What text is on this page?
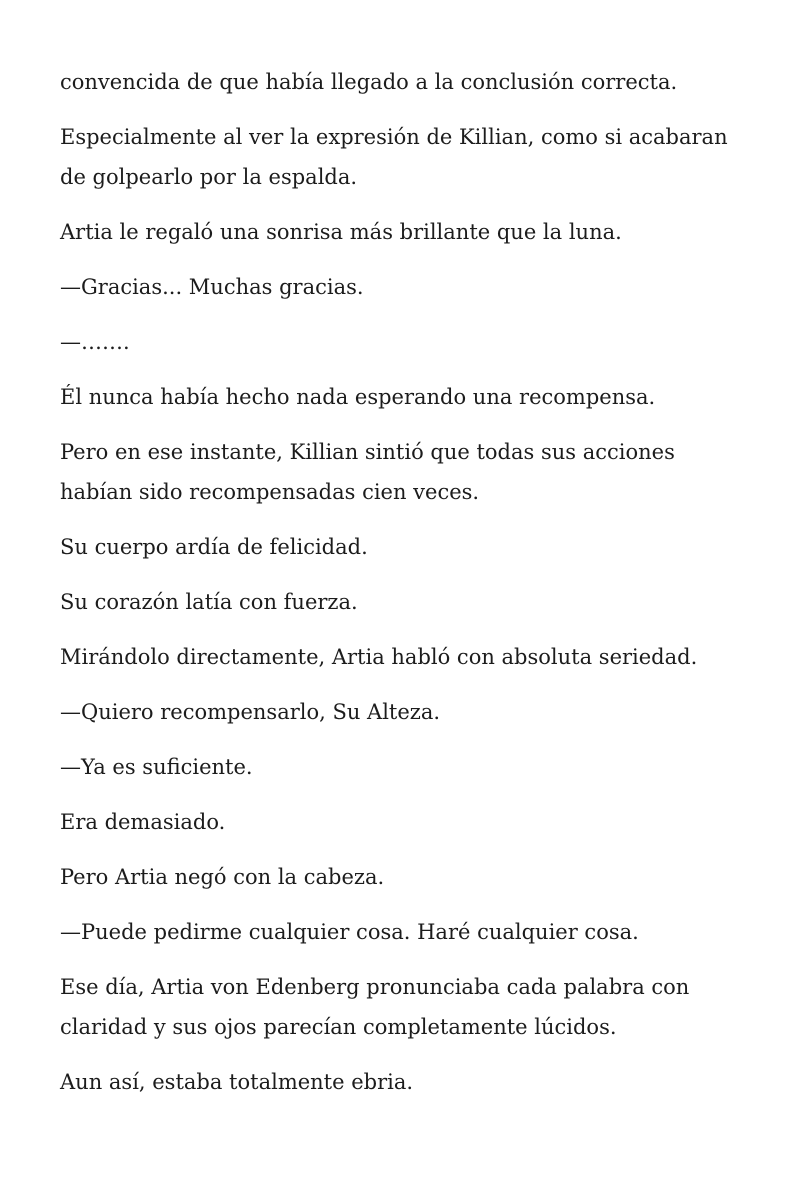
convencida de que había llegado a la conclusión correcta.

Especialmente al ver la expresión de Killian, como si acabaran de golpearlo por la espalda.

Artia le regaló una sonrisa más brillante que la luna.

—Gracias... Muchas gracias.

—…….

Él nunca había hecho nada esperando una recompensa.

Pero en ese instante, Killian sintió que todas sus acciones habían sido recompensadas cien veces.

Su cuerpo ardía de felicidad.

Su corazón latía con fuerza.

Mirándolo directamente, Artia habló con absoluta seriedad.

—Quiero recompensarlo, Su Alteza.

—Ya es suficiente.

Era demasiado.

Pero Artia negó con la cabeza.

—Puede pedirme cualquier cosa. Haré cualquier cosa.

Ese día, Artia von Edenberg pronunciaba cada palabra con claridad y sus ojos parecían completamente lúcidos.

Aun así, estaba totalmente ebria.
